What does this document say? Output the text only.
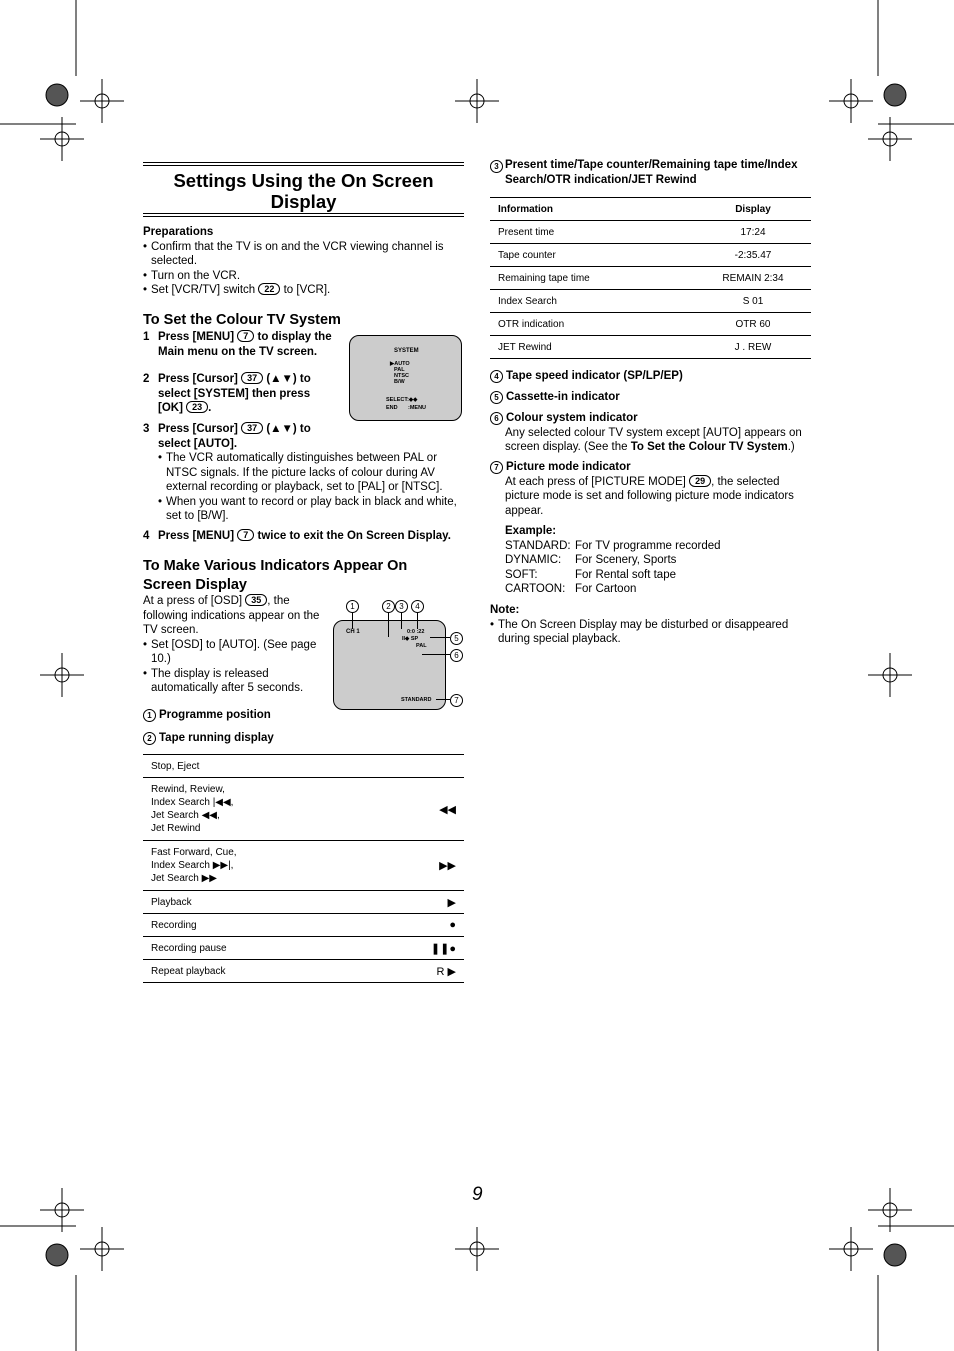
Settings Using the On Screen Display
Preparations
• Confirm that the TV is on and the VCR viewing channel is selected.
• Turn on the VCR.
• Set [VCR/TV] switch 22 to [VCR].
To Set the Colour TV System
1 Press [MENU] 7 to display the Main menu on the TV screen.
2 Press [Cursor] 37 (▲▼) to select [SYSTEM] then press [OK] 23 .
SYSTEM
▶AUTO
PAL
NTSC
B/W
SELECT:◆◆
END :MENU
3 Press [Cursor] 37 (▲▼) to select [AUTO].
• The VCR automatically distinguishes between PAL or NTSC signals. If the picture lacks of colour during AV external recording or playback, set to [PAL] or [NTSC].
• When you want to record or play back in black and white, set to [B/W].
4 Press [MENU] 7 twice to exit the On Screen Display.
To Make Various Indicators Appear On Screen Display
At a press of [OSD] 35 , the following indications appear on the TV screen.
• Set [OSD] to [AUTO]. (See page 10.)
• The display is released automatically after 5 seconds.
CH 1	0:0 :22
II◆ SP
PAL
STANDARD
1	2	3	4
5
6
7
1 Programme position
2 Tape running display
Stop, Eject	
Rewind, Review,
Index Search |◀◀,
Jet Search ◀◀,
Jet Rewind	◀◀
Fast Forward, Cue,
Index Search ▶▶|,
Jet Search ▶▶	▶▶
Playback	▶
Recording	●
Recording pause	❚❚●
Repeat playback	R ▶
3 Present time/Tape counter/Remaining tape time/Index Search/OTR indication/JET Rewind
Information	Display
Present time	17:24
Tape counter	-2:35.47
Remaining tape time	REMAIN 2:34
Index Search	S 01
OTR indication	OTR 60
JET Rewind	J . REW
4 Tape speed indicator (SP/LP/EP)
5 Cassette-in indicator
6 Colour system indicator
Any selected colour TV system except [AUTO] appears on screen display. (See the To Set the Colour TV System.)
7 Picture mode indicator
At each press of [PICTURE MODE] 29 , the selected picture mode is set and following picture mode indicators appear.
Example:
STANDARD: For TV programme recorded
DYNAMIC:	For Scenery, Sports
SOFT:	For Rental soft tape
CARTOON: For Cartoon
Note:
• The On Screen Display may be disturbed or disappeared during special playback.
9
